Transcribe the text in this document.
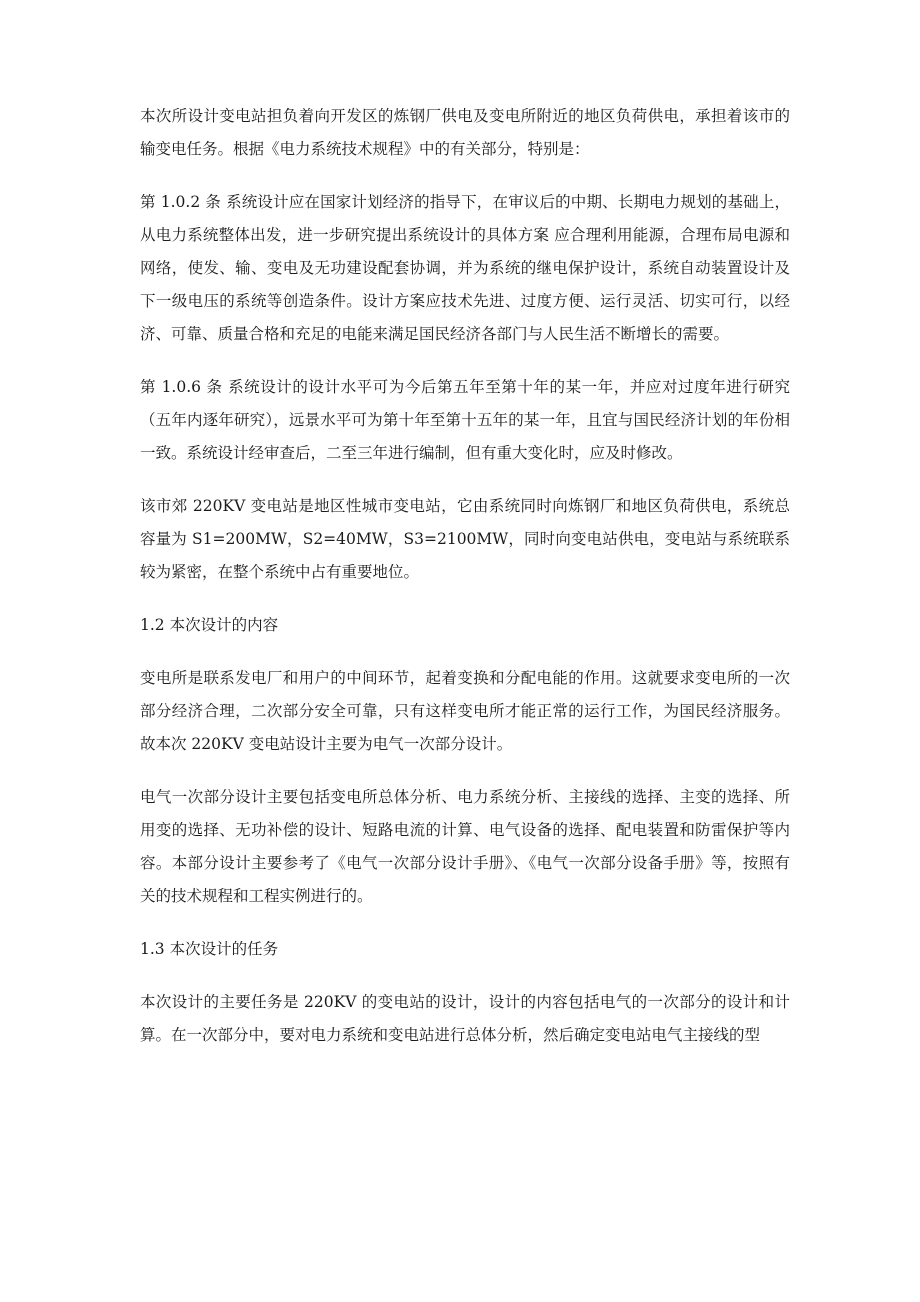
本次所设计变电站担负着向开发区的炼钢厂供电及变电所附近的地区负荷供电，承担着该市的输变电任务。根据《电力系统技术规程》中的有关部分，特别是：

第 1.0.2 条 系统设计应在国家计划经济的指导下，在审议后的中期、长期电力规划的基础上，从电力系统整体出发，进一步研究提出系统设计的具体方案 应合理利用能源，合理布局电源和网络，使发、输、变电及无功建设配套协调，并为系统的继电保护设计，系统自动装置设计及下一级电压的系统等创造条件。设计方案应技术先进、过度方便、运行灵活、切实可行，以经济、可靠、质量合格和充足的电能来满足国民经济各部门与人民生活不断增长的需要。

第 1.0.6 条 系统设计的设计水平可为今后第五年至第十年的某一年，并应对过度年进行研究（五年内逐年研究），远景水平可为第十年至第十五年的某一年，且宜与国民经济计划的年份相一致。系统设计经审查后，二至三年进行编制，但有重大变化时，应及时修改。

该市郊 220KV 变电站是地区性城市变电站，它由系统同时向炼钢厂和地区负荷供电，系统总容量为 S1=200MW，S2=40MW，S3=2100MW，同时向变电站供电，变电站与系统联系较为紧密，在整个系统中占有重要地位。

1.2 本次设计的内容

变电所是联系发电厂和用户的中间环节，起着变换和分配电能的作用。这就要求变电所的一次部分经济合理，二次部分安全可靠，只有这样变电所才能正常的运行工作，为国民经济服务。故本次 220KV 变电站设计主要为电气一次部分设计。

电气一次部分设计主要包括变电所总体分析、电力系统分析、主接线的选择、主变的选择、所用变的选择、无功补偿的设计、短路电流的计算、电气设备的选择、配电装置和防雷保护等内容。本部分设计主要参考了《电气一次部分设计手册》、《电气一次部分设备手册》等，按照有关的技术规程和工程实例进行的。

1.3 本次设计的任务

本次设计的主要任务是 220KV 的变电站的设计，设计的内容包括电气的一次部分的设计和计算。在一次部分中，要对电力系统和变电站进行总体分析，然后确定变电站电气主接线的型
